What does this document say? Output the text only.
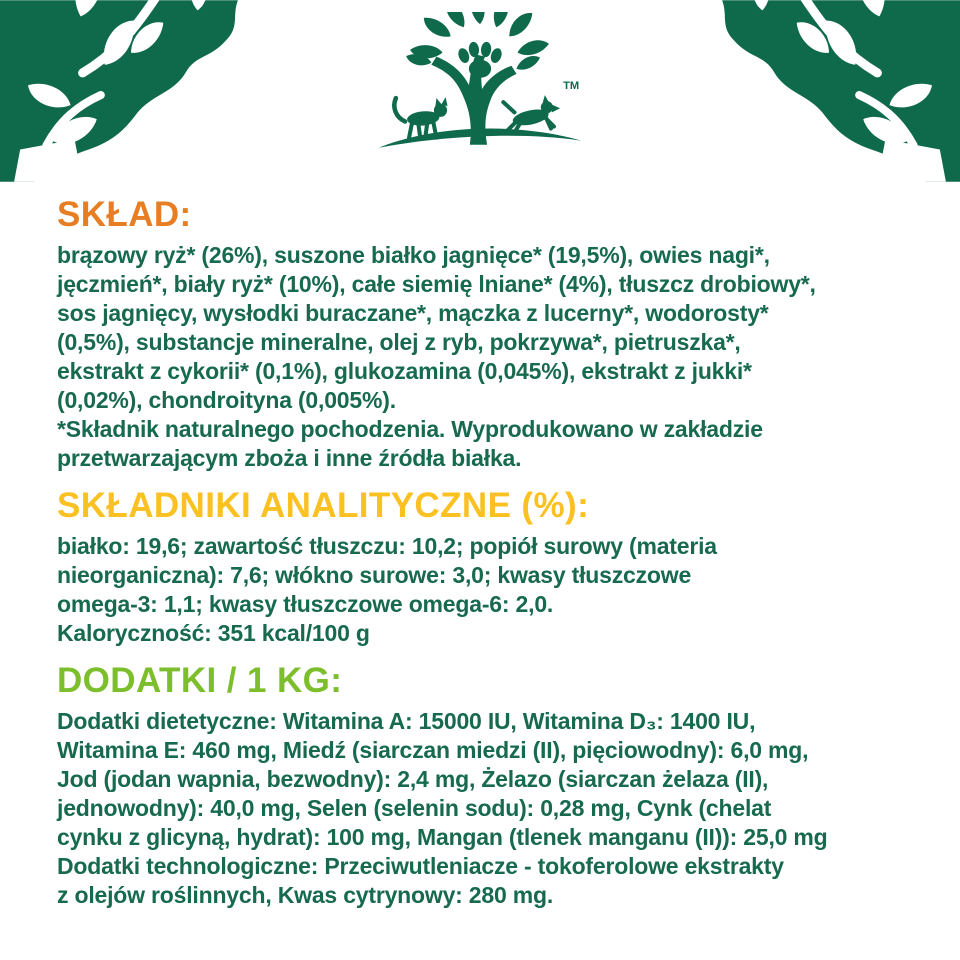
TM
SKŁAD:
brązowy ryż* (26%), suszone białko jagnięce* (19,5%), owies nagi*,
jęczmień*, biały ryż* (10%), całe siemię lniane* (4%), tłuszcz drobiowy*,
sos jagnięcy, wysłodki buraczane*, mączka z lucerny*, wodorosty*
(0,5%), substancje mineralne, olej z ryb, pokrzywa*, pietruszka*,
ekstrakt z cykorii* (0,1%), glukozamina (0,045%), ekstrakt z jukki*
(0,02%), chondroityna (0,005%).
*Składnik naturalnego pochodzenia. Wyprodukowano w zakładzie
przetwarzającym zboża i inne źródła białka.
SKŁADNIKI ANALITYCZNE (%):
białko: 19,6; zawartość tłuszczu: 10,2; popiół surowy (materia
nieorganiczna): 7,6; włókno surowe: 3,0; kwasy tłuszczowe
omega-3: 1,1; kwasy tłuszczowe omega-6: 2,0.
Kaloryczność: 351 kcal/100 g
DODATKI / 1 KG:
Dodatki dietetyczne: Witamina A: 15000 IU, Witamina D₃: 1400 IU,
Witamina E: 460 mg, Miedź (siarczan miedzi (II), pięciowodny): 6,0 mg,
Jod (jodan wapnia, bezwodny): 2,4 mg, Żelazo (siarczan żelaza (II),
jednowodny): 40,0 mg, Selen (selenin sodu): 0,28 mg, Cynk (chelat
cynku z glicyną, hydrat): 100 mg, Mangan (tlenek manganu (II)): 25,0 mg
Dodatki technologiczne: Przeciwutleniacze - tokoferolowe ekstrakty
z olejów roślinnych, Kwas cytrynowy: 280 mg.
